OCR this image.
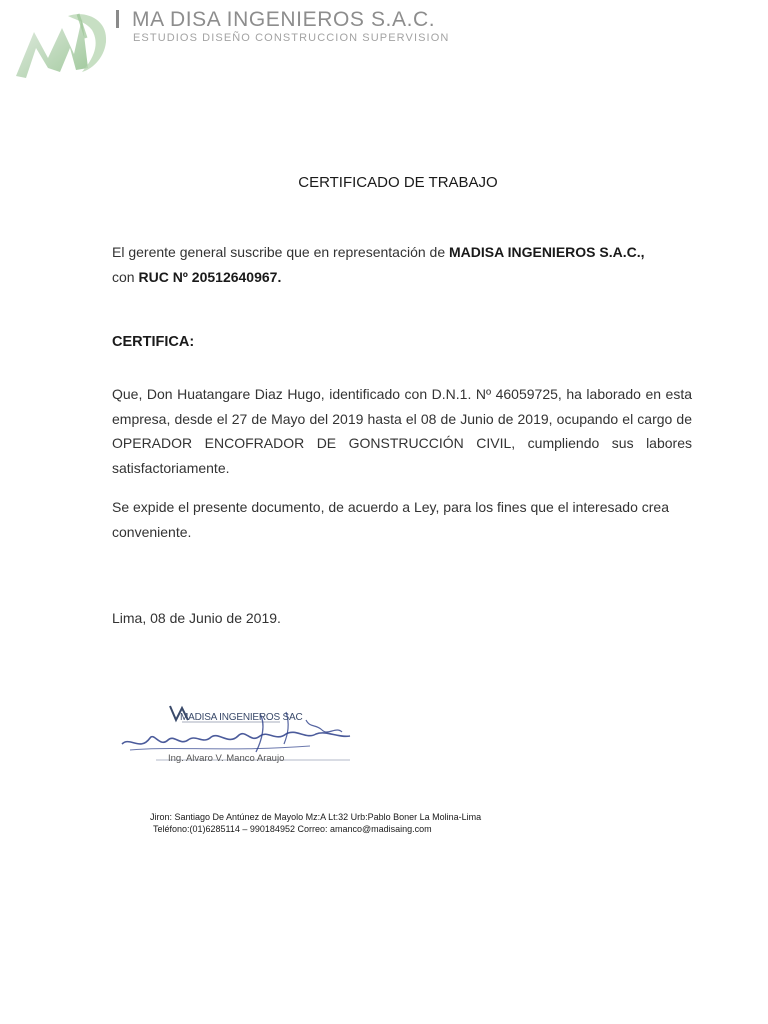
MA DISA INGENIEROS S.A.C.
ESTUDIOS DISEÑO CONSTRUCCION SUPERVISION
CERTIFICADO DE TRABAJO
El gerente general suscribe que en representación de MADISA INGENIEROS S.A.C.,
con RUC Nº 20512640967.
CERTIFICA:
Que, Don Huatangare Diaz Hugo, identificado con D.N.1. Nº 46059725, ha laborado en esta empresa, desde el 27 de Mayo del 2019 hasta el 08 de Junio de 2019, ocupando el cargo de OPERADOR ENCOFRADOR DE GONSTRUCCIÓN CIVIL, cumpliendo sus labores satisfactoriamente.
Se expide el presente documento, de acuerdo a Ley, para los fines que el interesado crea conveniente.
Lima, 08 de Junio de 2019.
MADISA INGENIEROS SAC
Ing. Alvaro V. Manco Araujo
Jiron: Santiago De Antúnez de Mayolo Mz:A Lt:32 Urb:Pablo Boner La Molina-Lima
Teléfono:(01)6285114 – 990184952 Correo: amanco@madisaing.com
